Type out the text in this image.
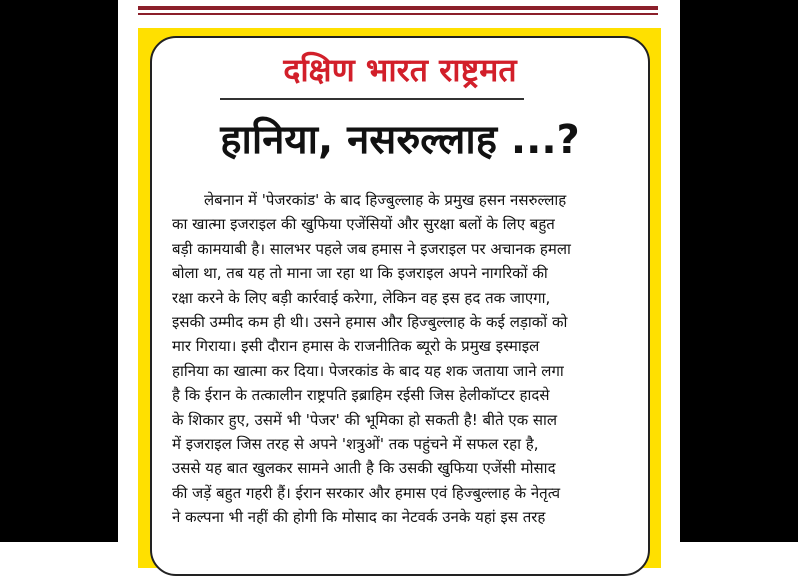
दक्षिण भारत राष्ट्रमत
हानिया, नसरुल्लाह ...?
लेबनान में 'पेजरकांड' के बाद हिज्बुल्लाह के प्रमुख हसन नसरुल्लाह
का खात्मा इजराइल की खुफिया एजेंसियों और सुरक्षा बलों के लिए बहुत
बड़ी कामयाबी है। सालभर पहले जब हमास ने इजराइल पर अचानक हमला
बोला था, तब यह तो माना जा रहा था कि इजराइल अपने नागरिकों की
रक्षा करने के लिए बड़ी कार्रवाई करेगा, लेकिन वह इस हद तक जाएगा,
इसकी उम्मीद कम ही थी। उसने हमास और हिज्बुल्लाह के कई लड़ाकों को
मार गिराया। इसी दौरान हमास के राजनीतिक ब्यूरो के प्रमुख इस्माइल
हानिया का खात्मा कर दिया। पेजरकांड के बाद यह शक जताया जाने लगा
है कि ईरान के तत्कालीन राष्ट्रपति इब्राहिम रईसी जिस हेलीकॉप्टर हादसे
के शिकार हुए, उसमें भी 'पेजर' की भूमिका हो सकती है! बीते एक साल
में इजराइल जिस तरह से अपने 'शत्रुओं' तक पहुंचने में सफल रहा है,
उससे यह बात खुलकर सामने आती है कि उसकी खुफिया एजेंसी मोसाद
की जड़ें बहुत गहरी हैं। ईरान सरकार और हमास एवं हिज्बुल्लाह के नेतृत्व
ने कल्पना भी नहीं की होगी कि मोसाद का नेटवर्क उनके यहां इस तरह
